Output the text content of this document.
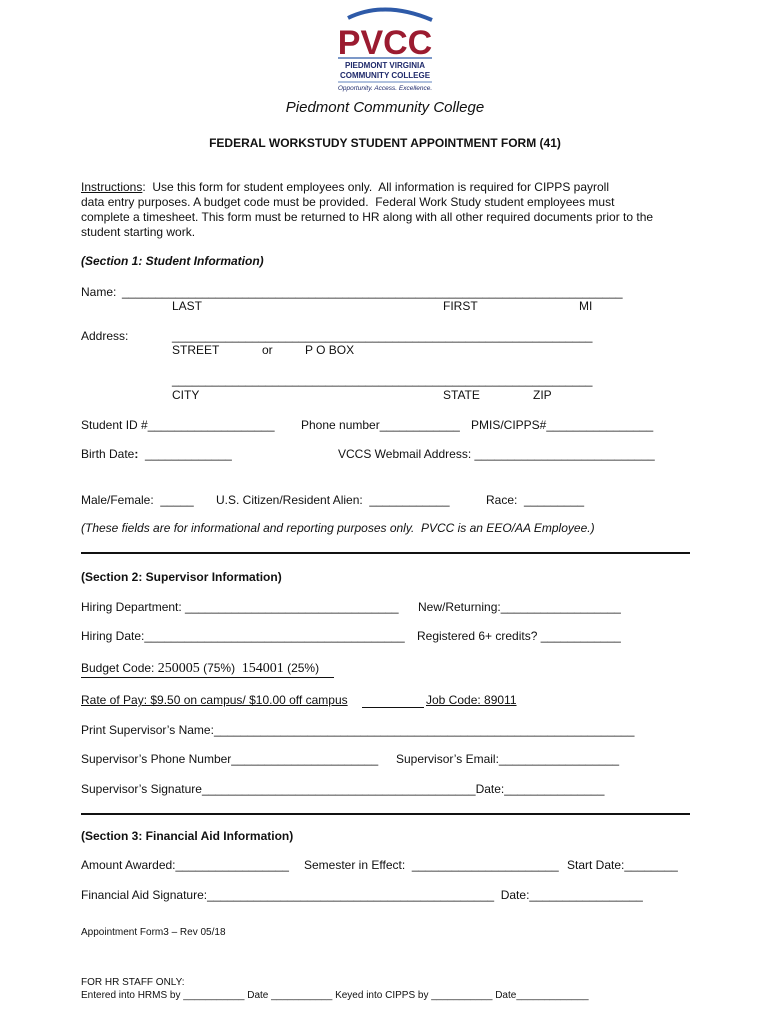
PVCC
PIEDMONT VIRGINIA
COMMUNITY COLLEGE
Opportunity. Access. Excellence.
Piedmont Community College
FEDERAL WORKSTUDY STUDENT APPOINTMENT FORM (41)
Instructions:  Use this form for student employees only.  All information is required for CIPPS payroll
data entry purposes. A budget code must be provided.  Federal Work Study student employees must
complete a timesheet. This form must be returned to HR along with all other required documents prior to the
student starting work.
(Section 1: Student Information)
Name: ___________________________________________________________________________
LAST	FIRST	MI
Address:	_______________________________________________________________
STREET	or	P O BOX
_______________________________________________________________
CITY	STATE	ZIP
Student ID #___________________ Phone number____________ PMIS/CIPPS#________________
Birth Date: _____________	VCCS Webmail Address: ___________________________
Male/Female:  _____ U.S. Citizen/Resident Alien:  ____________	Race:  _________
(These fields are for informational and reporting purposes only.  PVCC is an EEO/AA Employee.)
(Section 2: Supervisor Information)
Hiring Department: ________________________________ New/Returning:__________________
Hiring Date:_______________________________________ Registered 6+ credits? ____________
Budget Code: 250005 (75%)  154001 (25%)
Rate of Pay: $9.50 on campus/ $10.00 off campus	Job Code: 89011
Print Supervisor’s Name:_______________________________________________________________
Supervisor’s Phone Number______________________ Supervisor’s Email:__________________
Supervisor’s Signature_________________________________________Date:_______________
(Section 3: Financial Aid Information)
Amount Awarded:_________________ Semester in Effect:  ______________________ Start Date:________
Financial Aid Signature:___________________________________________  Date:_________________
Appointment Form3 – Rev 05/18
FOR HR STAFF ONLY:
Entered into HRMS by ___________ Date ___________ Keyed into CIPPS by ___________ Date_____________
